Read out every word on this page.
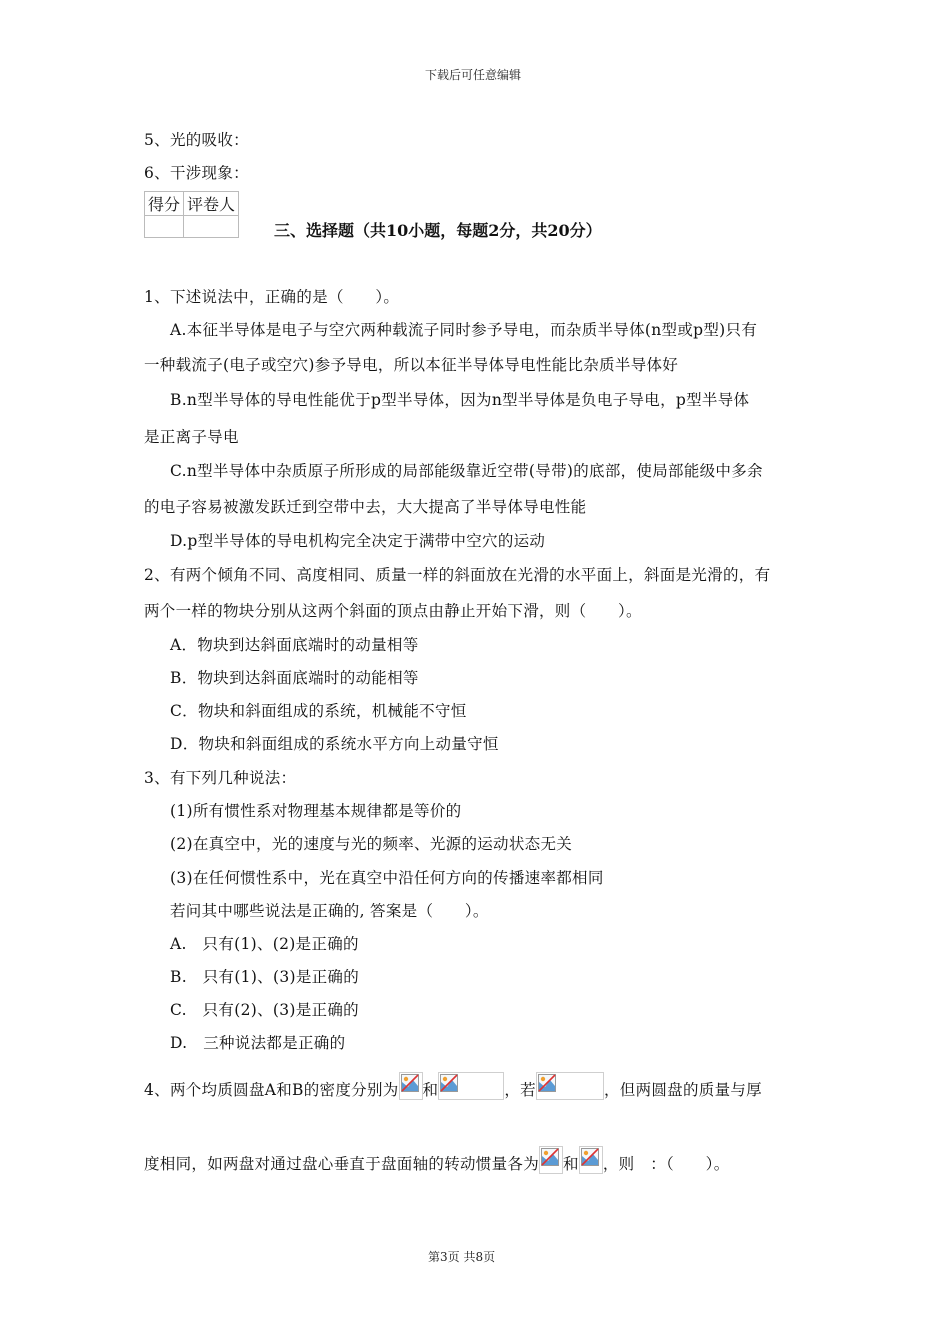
下载后可任意编辑
5、光的吸收：
6、干涉现象：
得分	评卷人

三、选择题（共10小题，每题2分，共20分）
1、下述说法中，正确的是（　　）。
A.本征半导体是电子与空穴两种载流子同时参予导电，而杂质半导体(n型或p型)只有
一种载流子(电子或空穴)参予导电，所以本征半导体导电性能比杂质半导体好
B.n型半导体的导电性能优于p型半导体，因为n型半导体是负电子导电，p型半导体
是正离子导电
C.n型半导体中杂质原子所形成的局部能级靠近空带(导带)的底部，使局部能级中多余
的电子容易被激发跃迁到空带中去，大大提高了半导体导电性能
D.p型半导体的导电机构完全决定于满带中空穴的运动
2、有两个倾角不同、高度相同、质量一样的斜面放在光滑的水平面上，斜面是光滑的，有
两个一样的物块分别从这两个斜面的顶点由静止开始下滑，则（　　）。
A．物块到达斜面底端时的动量相等
B．物块到达斜面底端时的动能相等
C．物块和斜面组成的系统，机械能不守恒
D．物块和斜面组成的系统水平方向上动量守恒
3、有下列几种说法：
(1)所有惯性系对物理基本规律都是等价的
(2)在真空中，光的速度与光的频率、光源的运动状态无关
(3)在任何惯性系中，光在真空中沿任何方向的传播速率都相同
若问其中哪些说法是正确的, 答案是（　　）。
A.　只有(1)、(2)是正确的
B.　只有(1)、(3)是正确的
C.　只有(2)、(3)是正确的
D.　三种说法都是正确的
4、两个均质圆盘A和B的密度分别为 和	，若	，但两圆盘的质量与厚
度相同，如两盘对通过盘心垂直于盘面轴的转动惯量各为 和 ，则　：（　　）。
第3页 共8页
